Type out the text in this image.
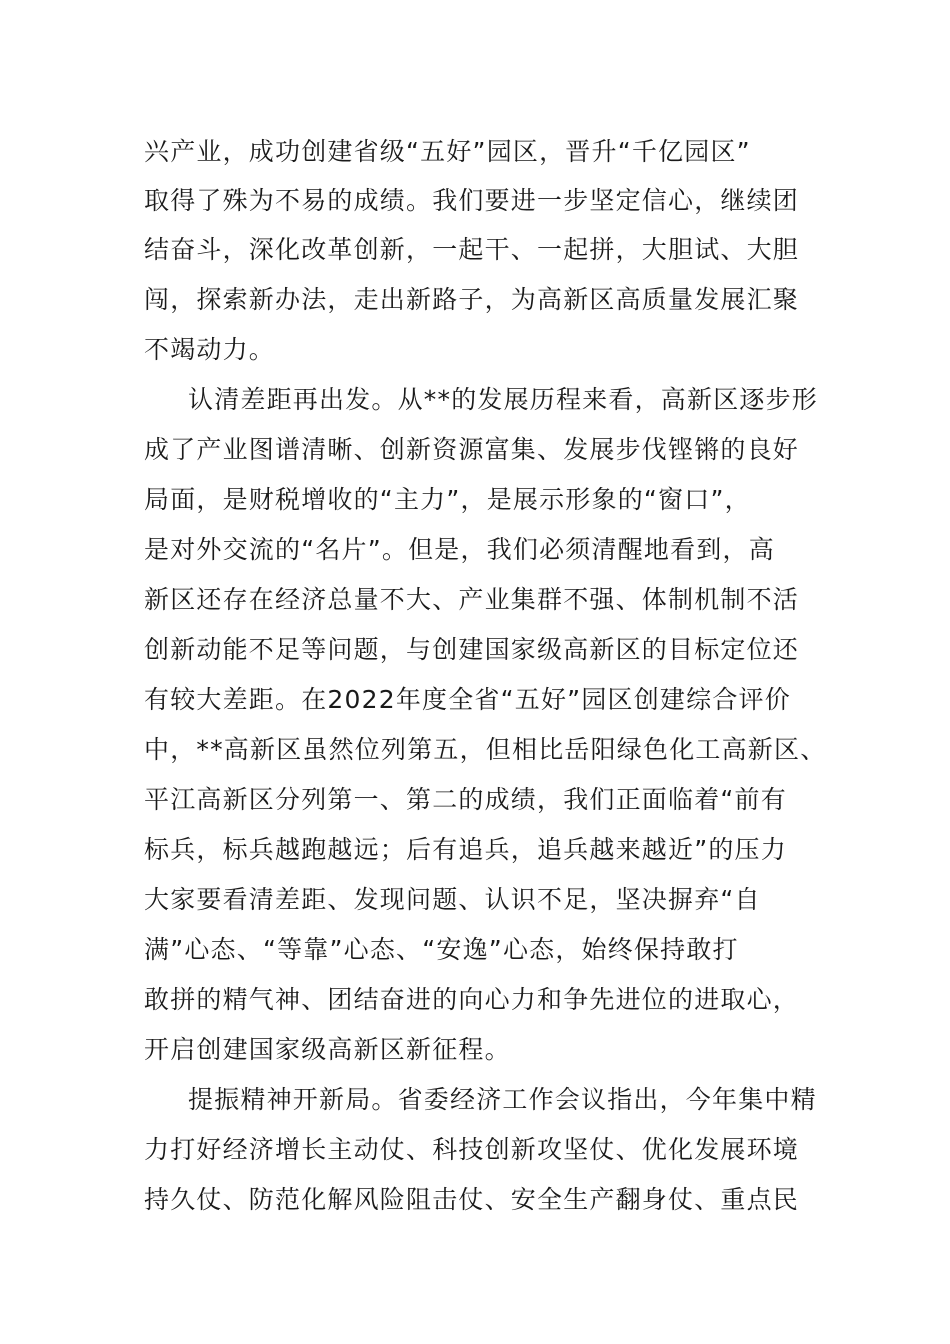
兴产业，成功创建省级“五好”园区，晋升“千亿园区”
取得了殊为不易的成绩。我们要进一步坚定信心，继续团
结奋斗，深化改革创新，一起干、一起拼，大胆试、大胆
闯，探索新办法，走出新路子，为高新区高质量发展汇聚
不竭动力。
认清差距再出发。从**的发展历程来看，高新区逐步形
成了产业图谱清晰、创新资源富集、发展步伐铿锵的良好
局面，是财税增收的“主力”，是展示形象的“窗口”，
是对外交流的“名片”。但是，我们必须清醒地看到，高
新区还存在经济总量不大、产业集群不强、体制机制不活
创新动能不足等问题，与创建国家级高新区的目标定位还
有较大差距。在2022年度全省“五好”园区创建综合评价
中，**高新区虽然位列第五，但相比岳阳绿色化工高新区、
平江高新区分列第一、第二的成绩，我们正面临着“前有
标兵，标兵越跑越远；后有追兵，追兵越来越近”的压力
大家要看清差距、发现问题、认识不足，坚决摒弃“自
满”心态、“等靠”心态、“安逸”心态，始终保持敢打
敢拼的精气神、团结奋进的向心力和争先进位的进取心，
开启创建国家级高新区新征程。
提振精神开新局。省委经济工作会议指出，今年集中精
力打好经济增长主动仗、科技创新攻坚仗、优化发展环境
持久仗、防范化解风险阻击仗、安全生产翻身仗、重点民
